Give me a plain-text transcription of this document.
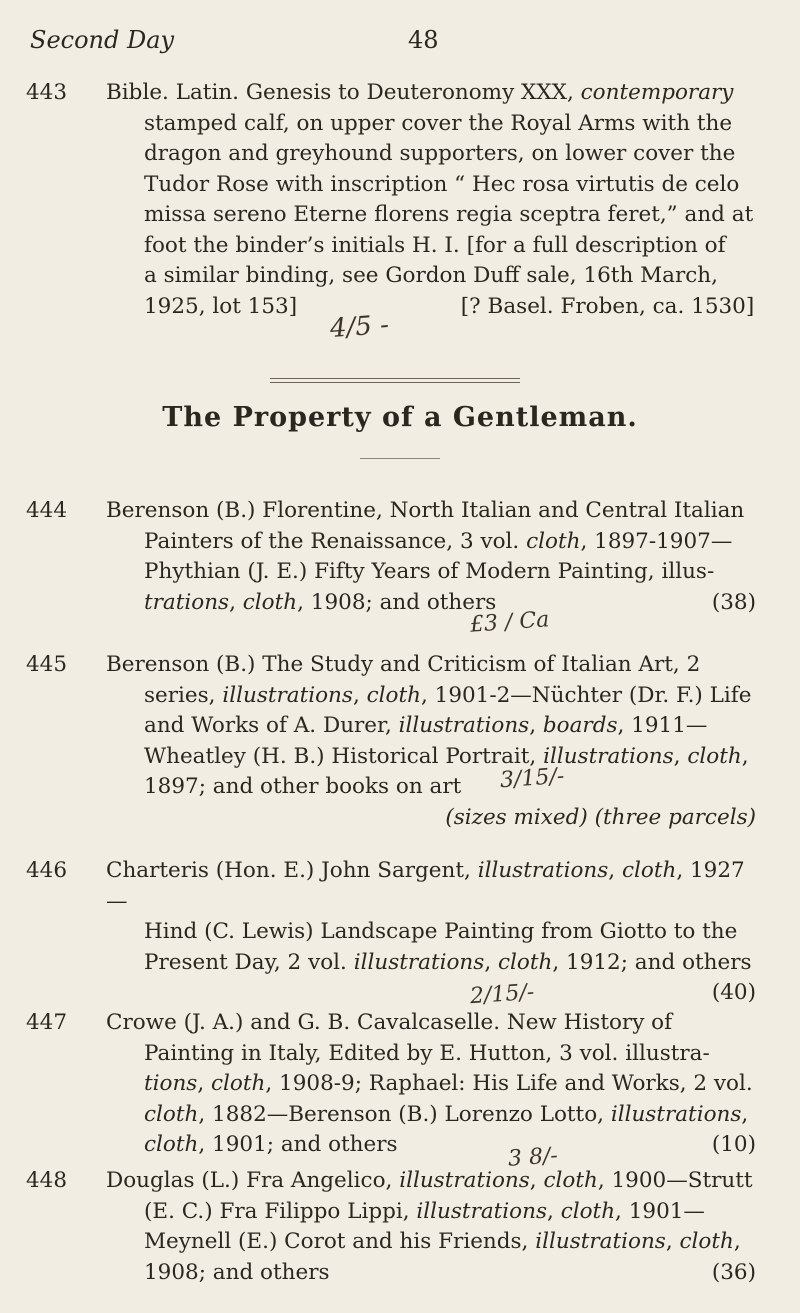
Second Day	48
443	Bible. Latin. Genesis to Deuteronomy XXX, contemporary
stamped calf, on upper cover the Royal Arms with the
dragon and greyhound supporters, on lower cover the
Tudor Rose with inscription “ Hec rosa virtutis de celo
missa sereno Eterne florens regia sceptra feret,” and at
foot the binder’s initials H. I. [for a full description of
a similar binding, see Gordon Duff sale, 16th March,
1925, lot 153]	[? Basel. Froben, ca. 1530]
4/5 -
The Property of a Gentleman.
444	Berenson (B.) Florentine, North Italian and Central Italian
Painters of the Renaissance, 3 vol. cloth, 1897-1907—
Phythian (J. E.) Fifty Years of Modern Painting, illus-
trations, cloth, 1908; and others	(38)
£3 / Ca
445	Berenson (B.) The Study and Criticism of Italian Art, 2
series, illustrations, cloth, 1901-2—Nüchter (Dr. F.) Life
and Works of A. Durer, illustrations, boards, 1911—
Wheatley (H. B.) Historical Portrait, illustrations, cloth,
1897; and other books on art
(sizes mixed) (three parcels)
3/15/-
446	Charteris (Hon. E.) John Sargent, illustrations, cloth, 1927—
Hind (C. Lewis) Landscape Painting from Giotto to the
Present Day, 2 vol. illustrations, cloth, 1912; and others
(40)
2/15/-
447	Crowe (J. A.) and G. B. Cavalcaselle. New History of
Painting in Italy, Edited by E. Hutton, 3 vol. illustra-
tions, cloth, 1908-9; Raphael: His Life and Works, 2 vol.
cloth, 1882—Berenson (B.) Lorenzo Lotto, illustrations,
cloth, 1901; and others	(10)
3 8/-
448	Douglas (L.) Fra Angelico, illustrations, cloth, 1900—Strutt
(E. C.) Fra Filippo Lippi, illustrations, cloth, 1901—
Meynell (E.) Corot and his Friends, illustrations, cloth,
1908; and others	(36)
